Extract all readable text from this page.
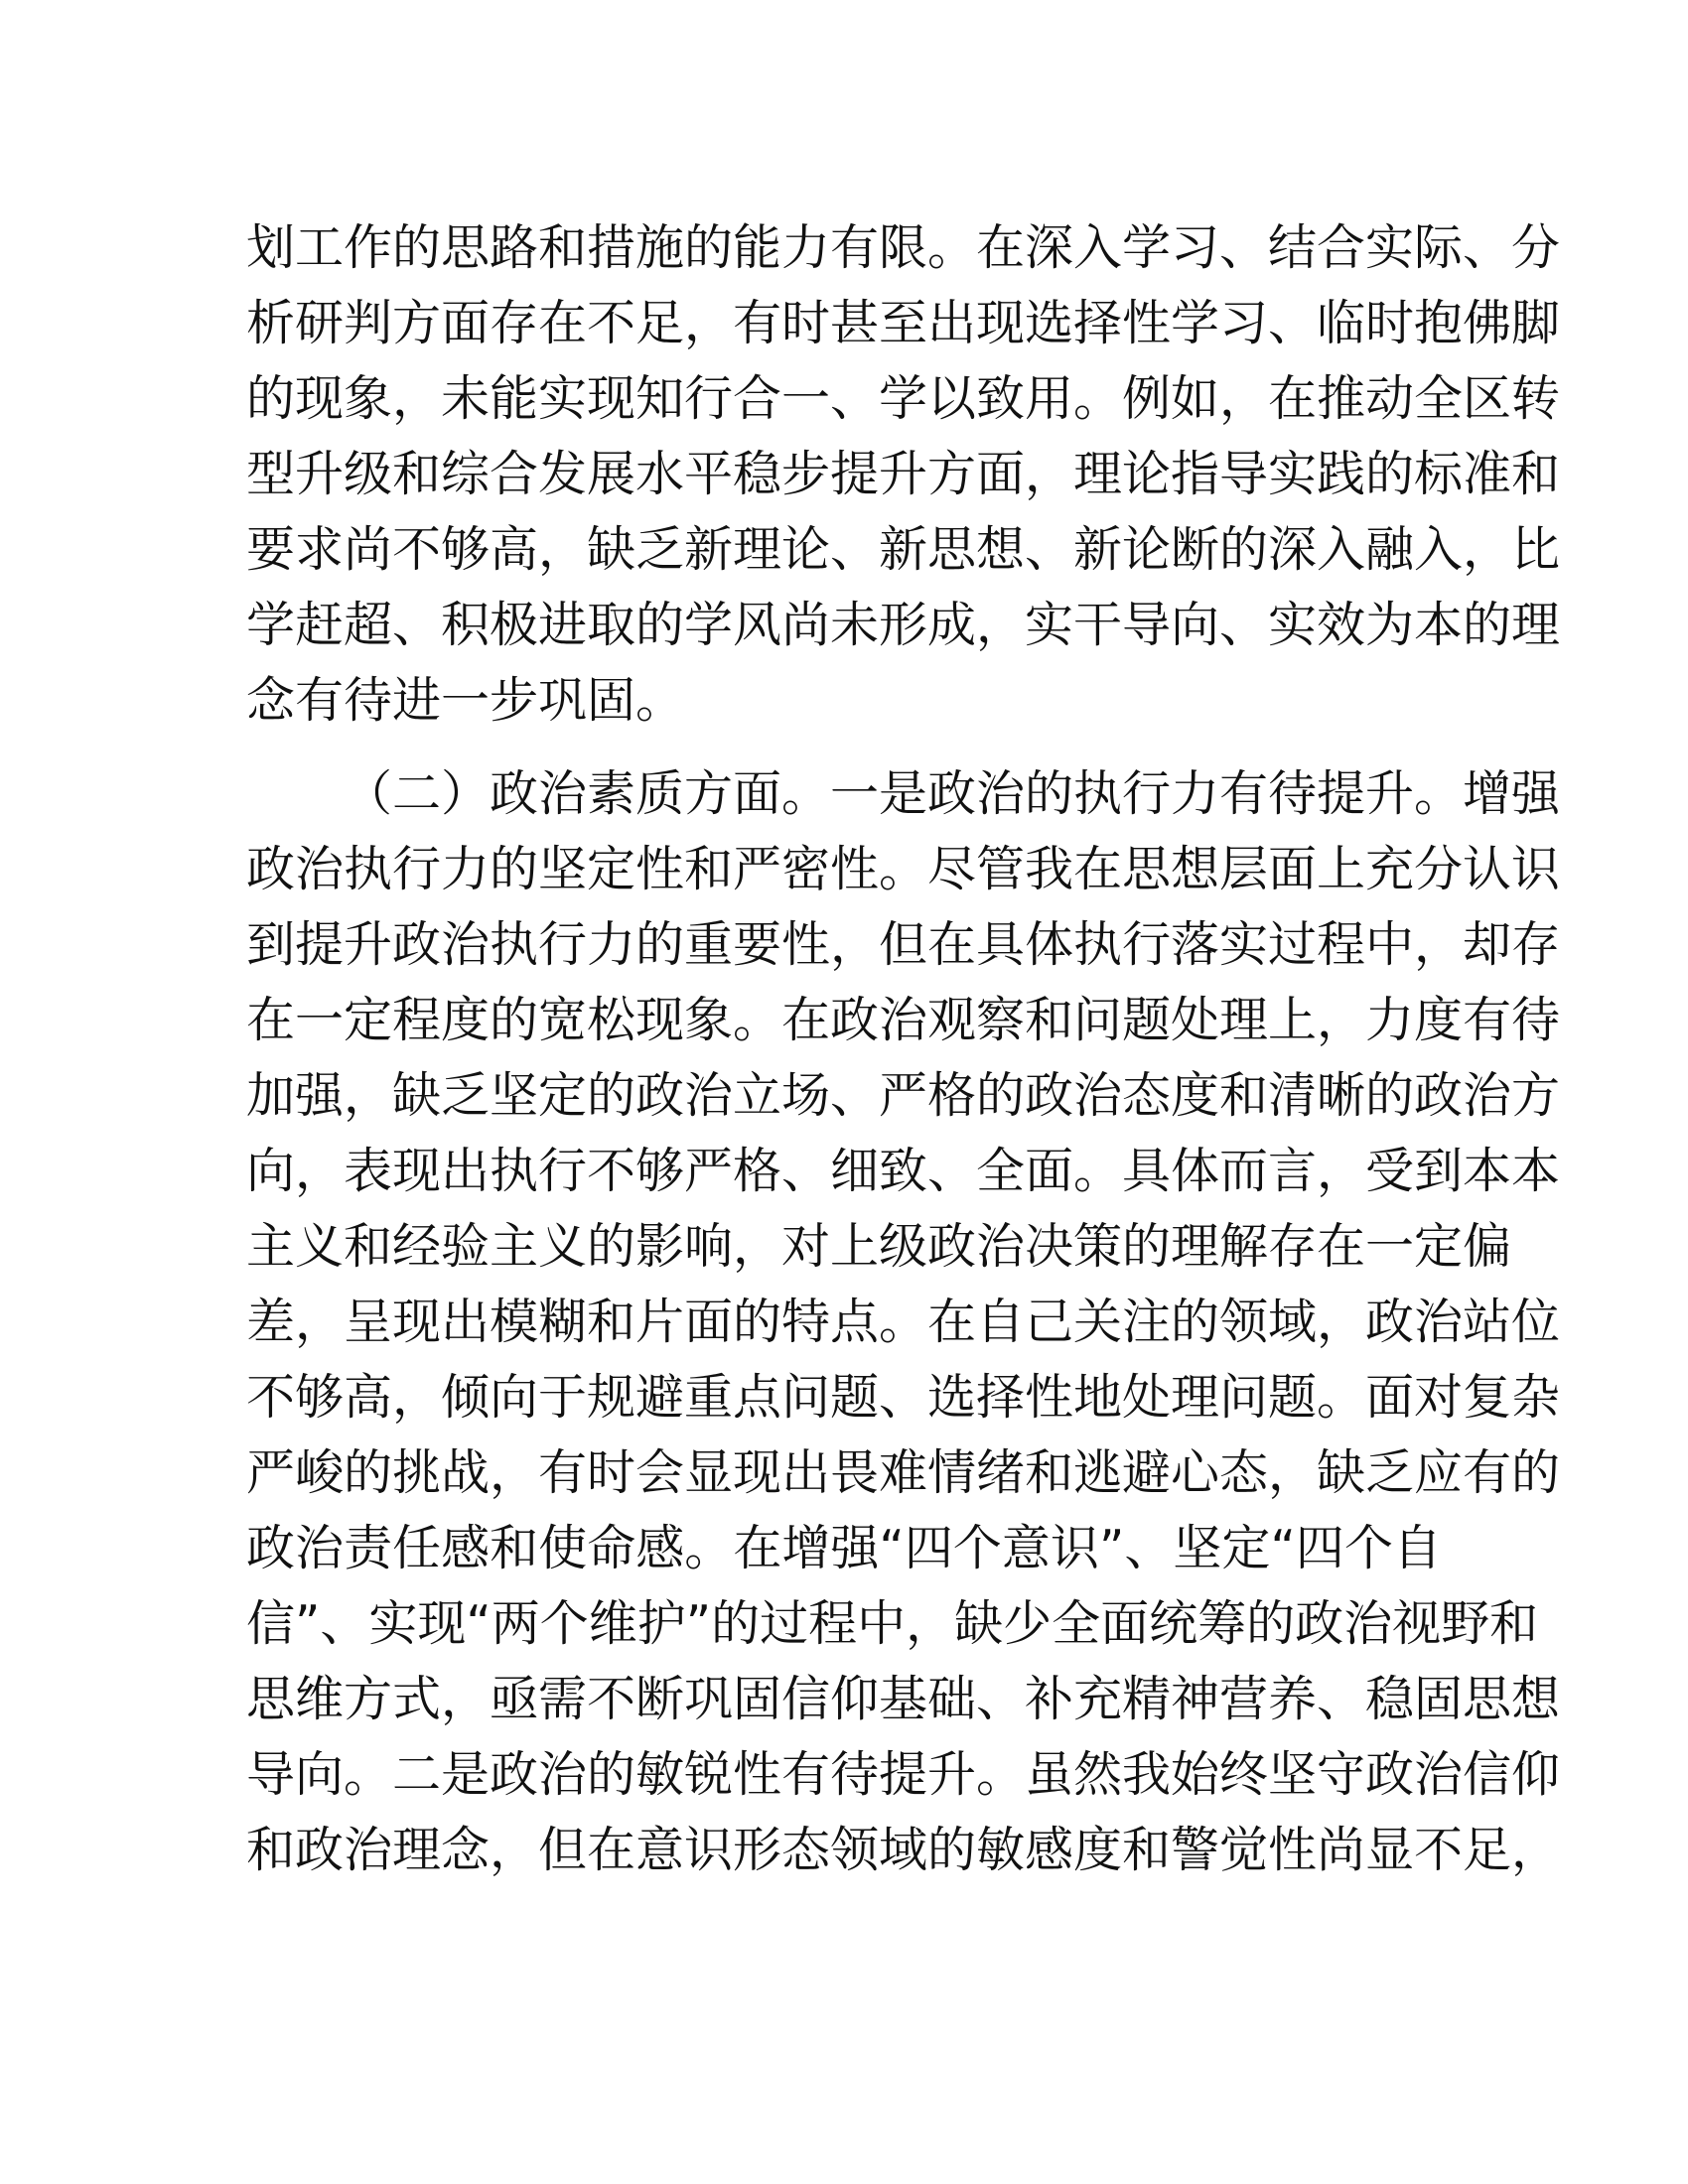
划工作的思路和措施的能力有限。在深入学习、结合实际、分
析研判方面存在不足，有时甚至出现选择性学习、临时抱佛脚
的现象，未能实现知行合一、学以致用。例如，在推动全区转
型升级和综合发展水平稳步提升方面，理论指导实践的标准和
要求尚不够高，缺乏新理论、新思想、新论断的深入融入，比
学赶超、积极进取的学风尚未形成，实干导向、实效为本的理
念有待进一步巩固。
（二）政治素质方面。一是政治的执行力有待提升。增强
政治执行力的坚定性和严密性。尽管我在思想层面上充分认识
到提升政治执行力的重要性，但在具体执行落实过程中，却存
在一定程度的宽松现象。在政治观察和问题处理上，力度有待
加强，缺乏坚定的政治立场、严格的政治态度和清晰的政治方
向，表现出执行不够严格、细致、全面。具体而言，受到本本
主义和经验主义的影响，对上级政治决策的理解存在一定偏
差，呈现出模糊和片面的特点。在自己关注的领域，政治站位
不够高，倾向于规避重点问题、选择性地处理问题。面对复杂
严峻的挑战，有时会显现出畏难情绪和逃避心态，缺乏应有的
政治责任感和使命感。在增强“四个意识”、坚定“四个自
信”、实现“两个维护”的过程中，缺少全面统筹的政治视野和
思维方式，亟需不断巩固信仰基础、补充精神营养、稳固思想
导向。二是政治的敏锐性有待提升。虽然我始终坚守政治信仰
和政治理念，但在意识形态领域的敏感度和警觉性尚显不足，
